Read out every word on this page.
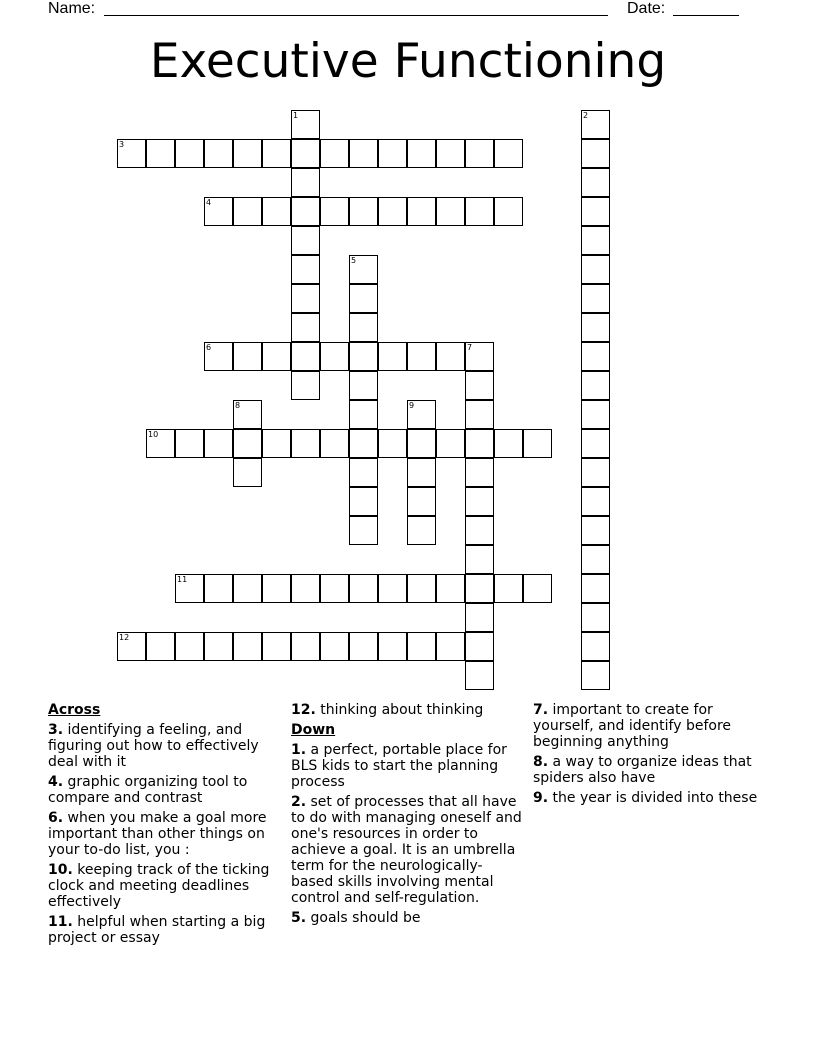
Name:	Date:
Executive Functioning
1	2
3
4
5
6	7
8	9
10
11
12
Across
3. identifying a feeling, and figuring out how to effectively deal with it
4. graphic organizing tool to compare and contrast
6. when you make a goal more important than other things on your to-do list, you :
10. keeping track of the ticking clock and meeting deadlines effectively
11. helpful when starting a big project or essay
12. thinking about thinking
Down
1. a perfect, portable place for BLS kids to start the planning process
2. set of processes that all have to do with managing oneself and one's resources in order to achieve a goal. It is an umbrella term for the neurologically-based skills involving mental control and self-regulation.
5. goals should be
7. important to create for yourself, and identify before beginning anything
8. a way to organize ideas that spiders also have
9. the year is divided into these
